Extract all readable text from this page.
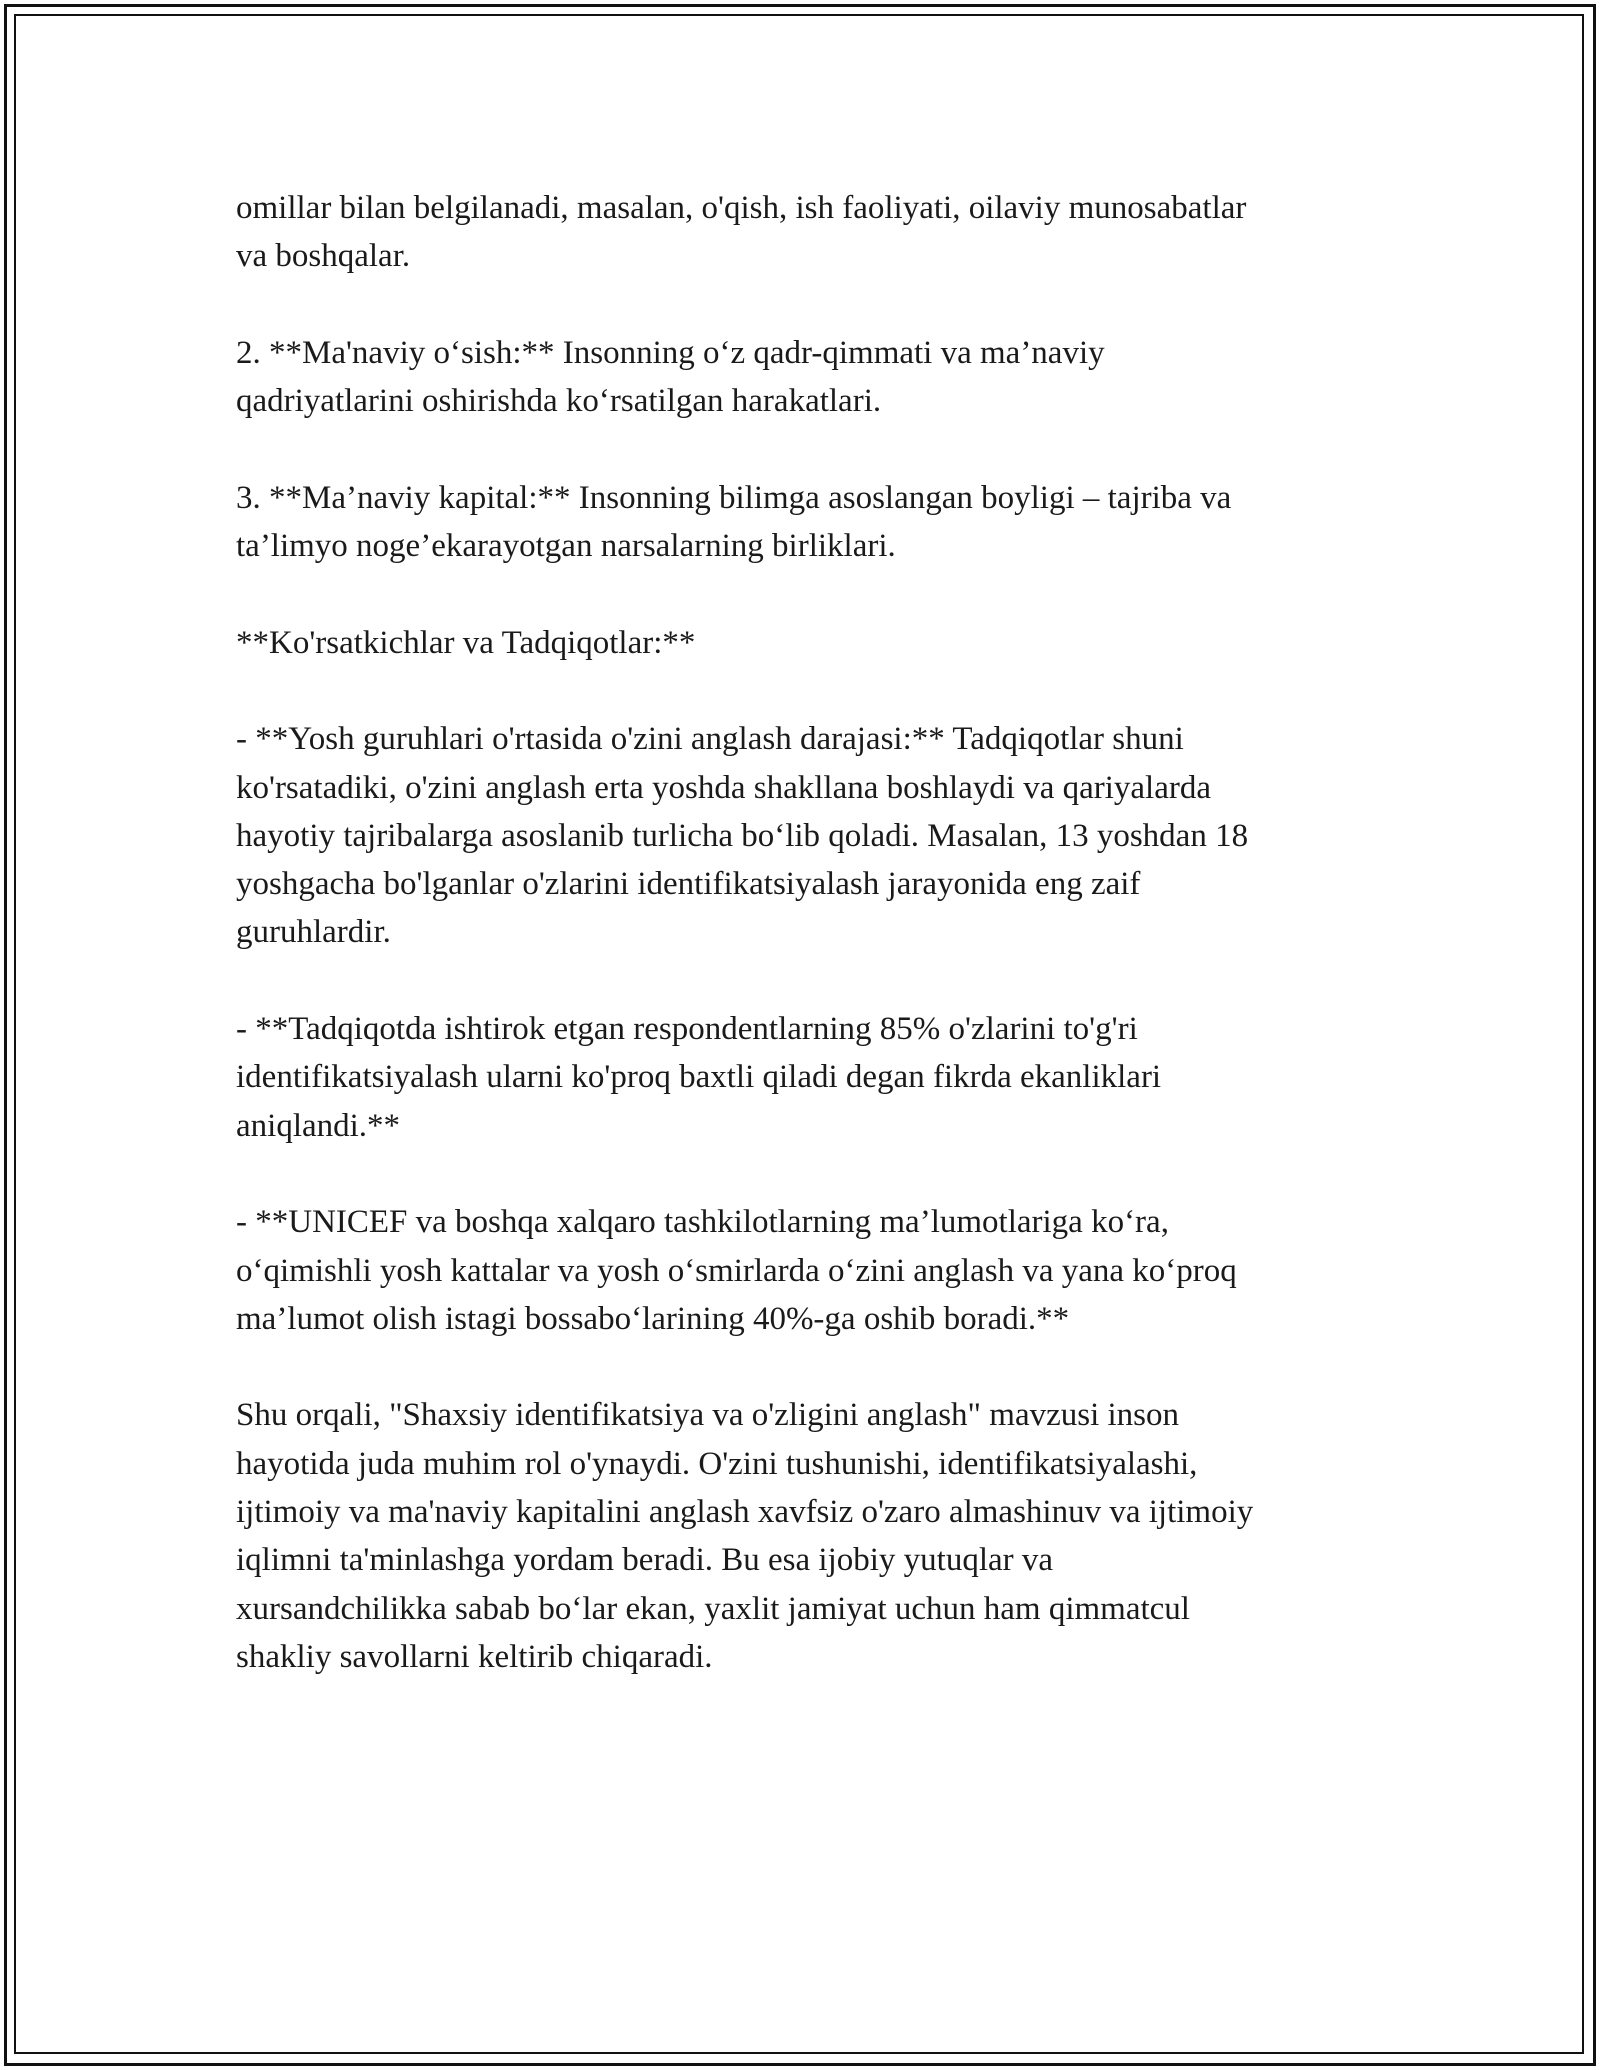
omillar bilan belgilanadi, masalan, o'qish, ish faoliyati, oilaviy munosabatlar
va boshqalar.

2. **Ma'naviy o‘sish:** Insonning o‘z qadr-qimmati va ma’naviy
qadriyatlarini oshirishda ko‘rsatilgan harakatlari.

3. **Ma’naviy kapital:** Insonning bilimga asoslangan boyligi – tajriba va
ta’limyo noge’ekarayotgan narsalarning birliklari.

**Ko'rsatkichlar va Tadqiqotlar:**

- **Yosh guruhlari o'rtasida o'zini anglash darajasi:** Tadqiqotlar shuni
ko'rsatadiki, o'zini anglash erta yoshda shakllana boshlaydi va qariyalarda
hayotiy tajribalarga asoslanib turlicha bo‘lib qoladi. Masalan, 13 yoshdan 18
yoshgacha bo'lganlar o'zlarini identifikatsiyalash jarayonida eng zaif
guruhlardir.

- **Tadqiqotda ishtirok etgan respondentlarning 85% o'zlarini to'g'ri
identifikatsiyalash ularni ko'proq baxtli qiladi degan fikrda ekanliklari
aniqlandi.**

- **UNICEF va boshqa xalqaro tashkilotlarning ma’lumotlariga ko‘ra,
o‘qimishli yosh kattalar va yosh o‘smirlarda o‘zini anglash va yana ko‘proq
ma’lumot olish istagi bossabo‘larining 40%-ga oshib boradi.**

Shu orqali, "Shaxsiy identifikatsiya va o'zligini anglash" mavzusi inson
hayotida juda muhim rol o'ynaydi. O'zini tushunishi, identifikatsiyalashi,
ijtimoiy va ma'naviy kapitalini anglash xavfsiz o'zaro almashinuv va ijtimoiy
iqlimni ta'minlashga yordam beradi. Bu esa ijobiy yutuqlar va
xursandchilikka sabab bo‘lar ekan, yaxlit jamiyat uchun ham qimmatcul
shakliy savollarni keltirib chiqaradi.
